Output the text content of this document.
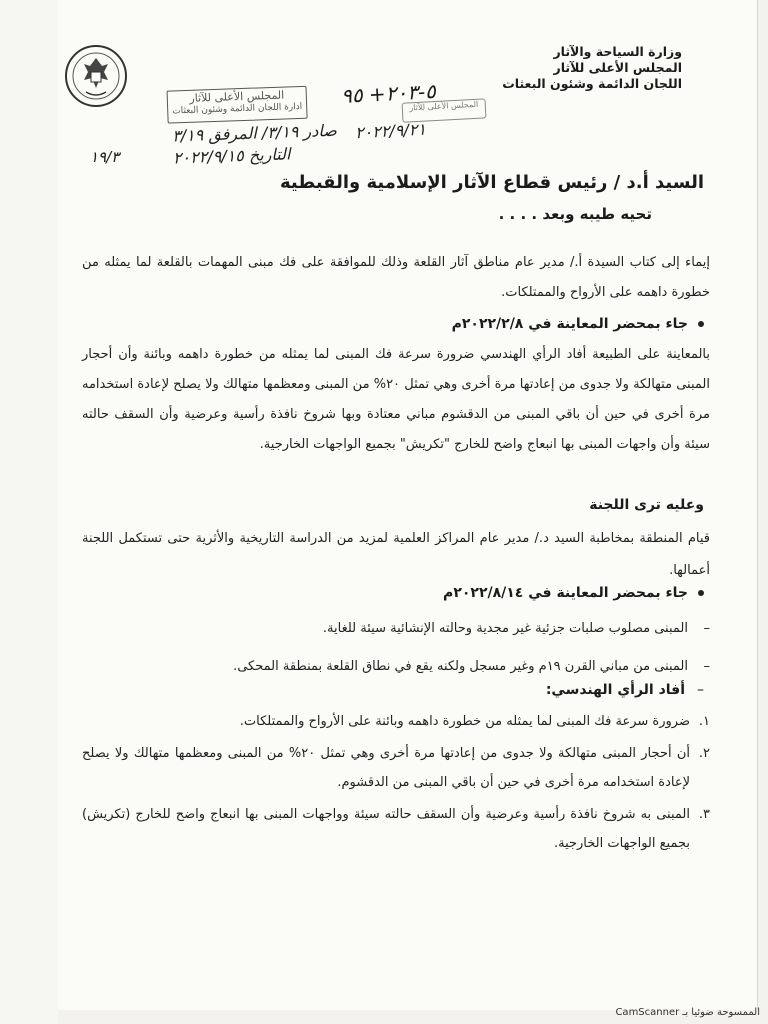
وزارة السياحة والآثار
المجلس الأعلى للآثار
اللجان الدائمة وشئون البعثات
المجلس الأعلى للآثار
ادارة اللجان الدائمة وشئون البعثات
صادر ٣/١٩/ المرفق ٣/١٩
التاريخ ٢٠٢٢/٩/١٥
٥-٢٠٣+ ٩٥
المجلس الأعلى للآثار
٢٠٢٢/٩/٢١
١٩/٣
السيد أ.د / رئيس قطاع الآثار الإسلامية والقبطية
تحيه طيبه وبعد . . . .

إيماء إلى كتاب السيدة أ./ مدير عام مناطق آثار القلعة وذلك للموافقة على فك مبنى المهمات بالقلعة لما يمثله من خطورة داهمه على الأرواح والممتلكات.

جاء بمحضر المعاينة في ٢٠٢٢/٢/٨م

بالمعاينة على الطبيعة أفاد الرأي الهندسي ضرورة سرعة فك المبنى لما يمثله من خطورة داهمه وبائنة وأن أحجار المبنى متهالكة ولا جدوى من إعادتها مرة أخرى وهي تمثل ٢٠% من المبنى ومعظمها متهالك ولا يصلح لإعادة استخدامه مرة أخرى في حين أن باقي المبنى من الدقشوم مباني معتادة وبها شروخ نافذة رأسية وعرضية وأن السقف حالته سيئة وأن واجهات المبنى بها انبعاج واضح للخارج "تكريش" بجميع الواجهات الخارجية.

وعليه ترى اللجنة

قيام المنطقة بمخاطبة السيد د./ مدير عام المراكز العلمية لمزيد من الدراسة التاريخية والأثرية حتى تستكمل اللجنة أعمالها.

جاء بمحضر المعاينة في ٢٠٢٢/٨/١٤م
–
المبنى مصلوب صلبات جزئية غير مجدية وحالته الإنشائية سيئة للغاية.
–
المبنى من مباني القرن ١٩م وغير مسجل ولكنه يقع في نطاق القلعة بمنطقة المحكى.
–أفاد الرأي الهندسي:
١.
ضرورة سرعة فك المبنى لما يمثله من خطورة داهمه وبائنة على الأرواح والممتلكات.
٢.
أن أحجار المبنى متهالكة ولا جدوى من إعادتها مرة أخرى وهي تمثل ٢٠% من المبنى ومعظمها متهالك ولا يصلح لإعادة استخدامه مرة أخرى في حين أن باقي المبنى من الدقشوم.
٣.
المبنى به شروخ نافذة رأسية وعرضية وأن السقف حالته سيئة وواجهات المبنى بها انبعاج واضح للخارج (تكريش) بجميع الواجهات الخارجية.
الممسوحة ضوئيا بـ CamScanner
